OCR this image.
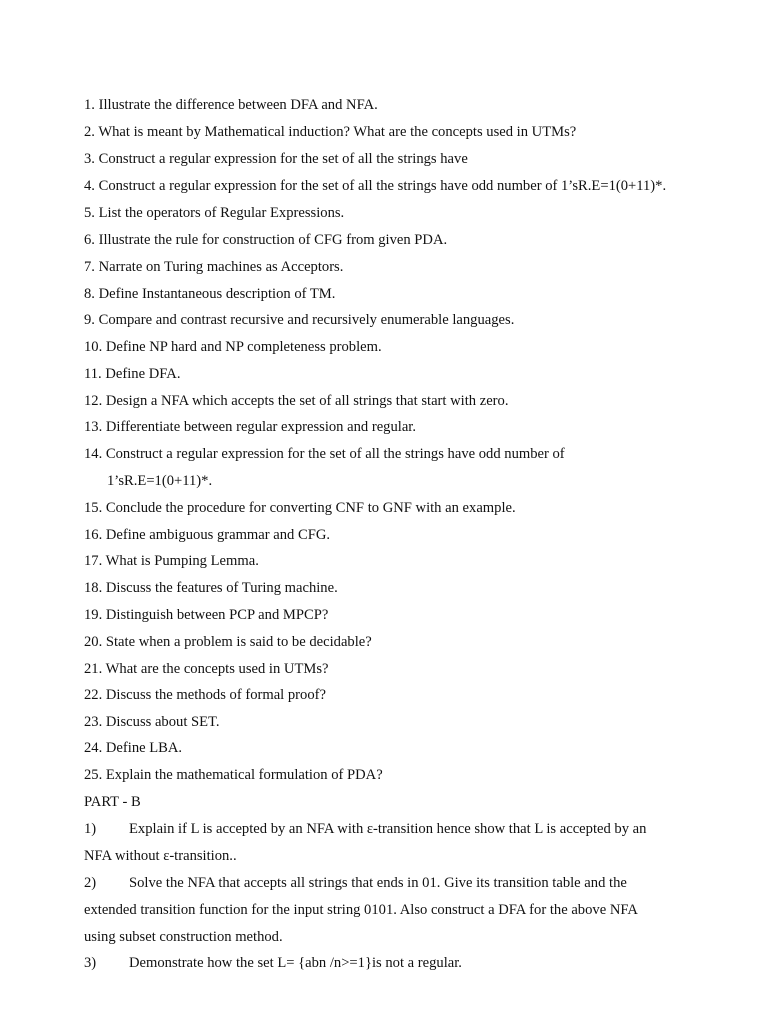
1. Illustrate the difference between DFA and NFA.
2. What is meant by Mathematical induction? What are the concepts used in UTMs?
3. Construct a regular expression for the set of all the strings have
4. Construct a regular expression for the set of all the strings have odd number of 1’sR.E=1(0+11)*.
5. List the operators of Regular Expressions.
6. Illustrate the rule for construction of CFG from given PDA.
7. Narrate on Turing machines as Acceptors.
8. Define Instantaneous description of TM.
9. Compare and contrast recursive and recursively enumerable languages.
10. Define NP hard and NP completeness problem.
11. Define DFA.
12. Design a NFA which accepts the set of all strings that start with zero.
13. Differentiate between regular expression and regular.
14. Construct a regular expression for the set of all the strings have odd number of
1’sR.E=1(0+11)*.
15. Conclude the procedure for converting CNF to GNF with an example.
16. Define ambiguous grammar and CFG.
17. What is Pumping Lemma.
18. Discuss the features of Turing machine.
19. Distinguish between PCP and MPCP?
20. State when a problem is said to be decidable?
21. What are the concepts used in UTMs?
22. Discuss the methods of formal proof?
23. Discuss about SET.
24. Define LBA.
25. Explain the mathematical formulation of PDA?
PART - B
1) Explain if L is accepted by an NFA with ε-transition hence show that L is accepted by an
NFA without ε-transition..
2) Solve the NFA that accepts all strings that ends in 01. Give its transition table and the
extended transition function for the input string 0101. Also construct a DFA for the above NFA
using subset construction method.
3) Demonstrate how the set L= {abn /n>=1}is not a regular.
